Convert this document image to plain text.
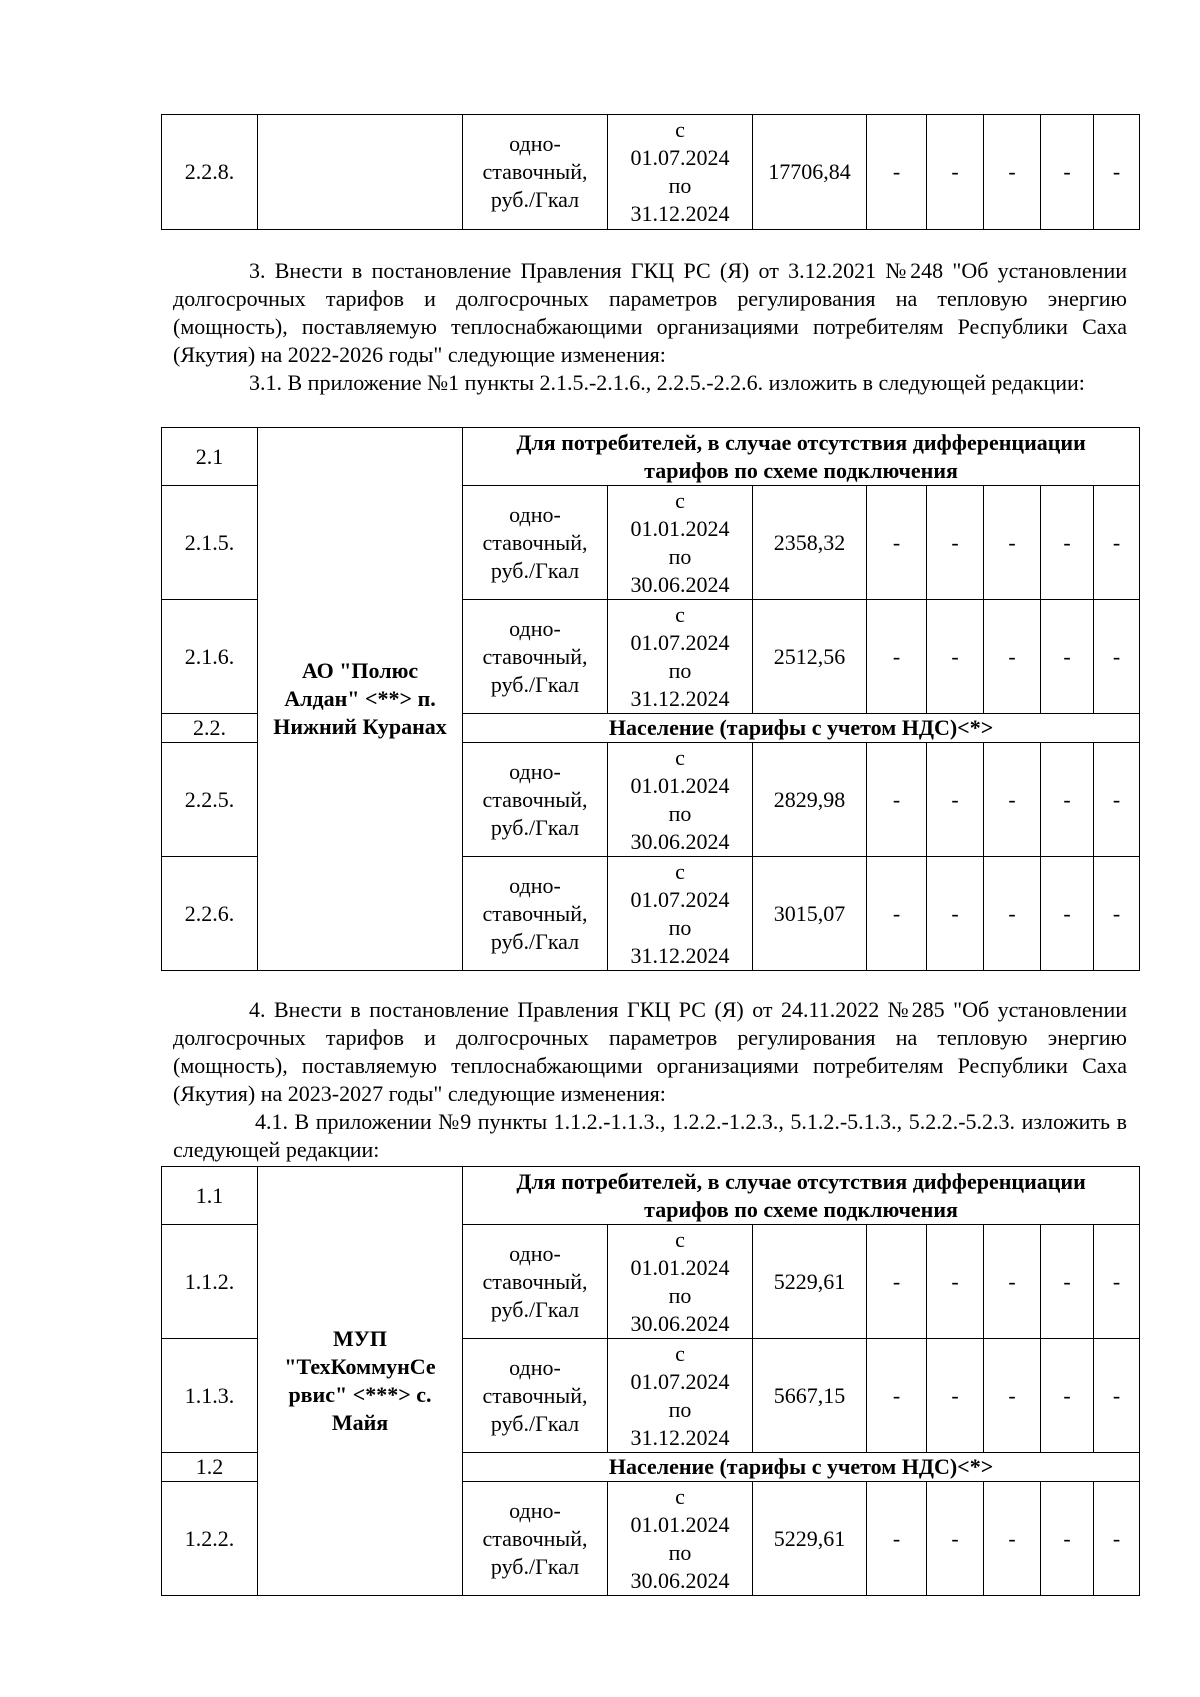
2.2.8.		одно-
ставочный,
руб./Гкал	с
01.07.2024
по
31.12.2024	17706,84	-	-	-	-	-
3. Внести в постановление Правления ГКЦ РС (Я) от 3.12.2021 №248 "Об установлении долгосрочных тарифов и долгосрочных параметров регулирования на тепловую энергию (мощность), поставляемую теплоснабжающими организациями потребителям Республики Саха (Якутия) на 2022-2026 годы" следующие изменения:
3.1. В приложение №1 пункты 2.1.5.-2.1.6., 2.2.5.-2.2.6. изложить в следующей редакции:
2.1	АО "Полюс Алдан" <**> п. Нижний Куранах	Для потребителей, в случае отсутствия дифференциации тарифов по схеме подключения							
2.1.5.		одно-
ставочный,
руб./Гкал	с
01.01.2024
по
30.06.2024	2358,32	-	-	-	-	-
2.1.6.		одно-
ставочный,
руб./Гкал	с
01.07.2024
по
31.12.2024	2512,56	-	-	-	-	-
2.2.		Население (тарифы с учетом НДС)<*>							
2.2.5.		одно-
ставочный,
руб./Гкал	с
01.01.2024
по
30.06.2024	2829,98	-	-	-	-	-
2.2.6.		одно-
ставочный,
руб./Гкал	с
01.07.2024
по
31.12.2024	3015,07	-	-	-	-	-
4. Внести в постановление Правления ГКЦ РС (Я) от 24.11.2022 №285 "Об установлении долгосрочных тарифов и долгосрочных параметров регулирования на тепловую энергию (мощность), поставляемую теплоснабжающими организациями потребителям Республики Саха (Якутия) на 2023-2027 годы" следующие изменения:
4.1. В приложении №9 пункты 1.1.2.-1.1.3., 1.2.2.-1.2.3., 5.1.2.-5.1.3., 5.2.2.-5.2.3. изложить в следующей редакции:
1.1	МУП "ТехКоммунСе рвис" <***> с. Майя	Для потребителей, в случае отсутствия дифференциации тарифов по схеме подключения							
1.1.2.		одно-
ставочный,
руб./Гкал	с
01.01.2024
по
30.06.2024	5229,61	-	-	-	-	-
1.1.3.		одно-
ставочный,
руб./Гкал	с
01.07.2024
по
31.12.2024	5667,15	-	-	-	-	-
1.2		Население (тарифы с учетом НДС)<*>							
1.2.2.		одно-
ставочный,
руб./Гкал	с
01.01.2024
по
30.06.2024	5229,61	-	-	-	-	-
